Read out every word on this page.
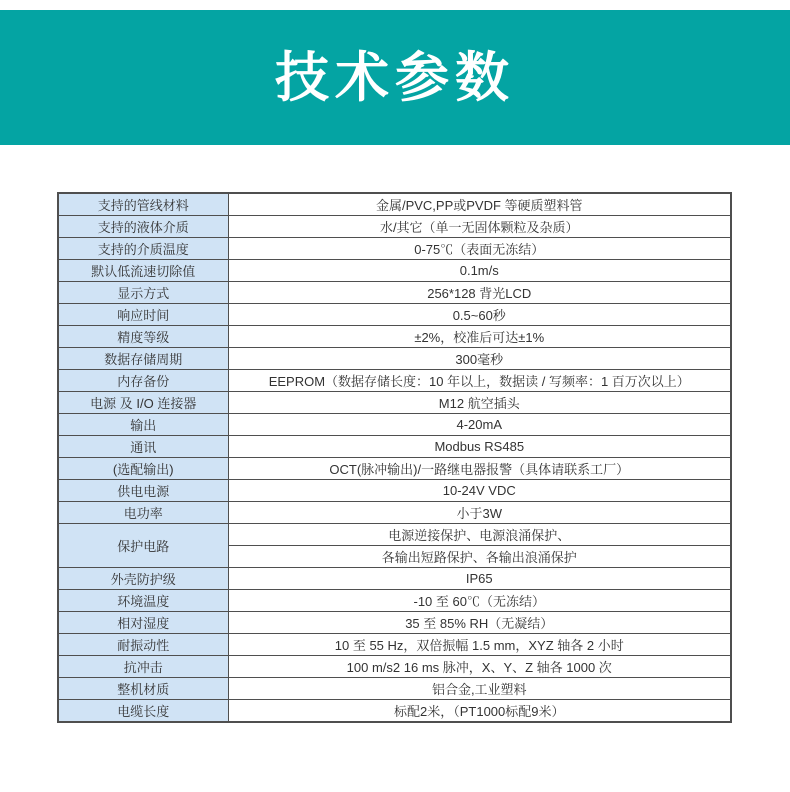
技术参数
支持的管线材料	金属/PVC,PP或PVDF 等硬质塑料管
支持的液体介质	水/其它（单一无固体颗粒及杂质）
支持的介质温度	0-75℃（表面无冻结）
默认低流速切除值	0.1m/s
显示方式	256*128 背光LCD
响应时间	0.5~60秒
精度等级	±2%，校准后可达±1%
数据存储周期	300毫秒
内存备份	EEPROM（数据存储长度：10 年以上，数据读 / 写频率：1 百万次以上）
电源 及 I/O 连接器	M12 航空插头
输出	4-20mA
通讯	Modbus RS485
(选配输出)	OCT(脉冲输出)/一路继电器报警（具体请联系工厂）
供电电源	10-24V VDC
电功率	小于3W
保护电路	电源逆接保护、电源浪涌保护、
	各输出短路保护、各输出浪涌保护
外壳防护级	IP65
环境温度	-10 至 60℃（无冻结）
相对湿度	35 至 85% RH（无凝结）
耐振动性	10 至 55 Hz，双倍振幅 1.5 mm，XYZ 轴各 2 小时
抗冲击	100 m/s2 16 ms 脉冲，X、Y、Z 轴各 1000 次
整机材质	铝合金,工业塑料
电缆长度	标配2米，（PT1000标配9米）
